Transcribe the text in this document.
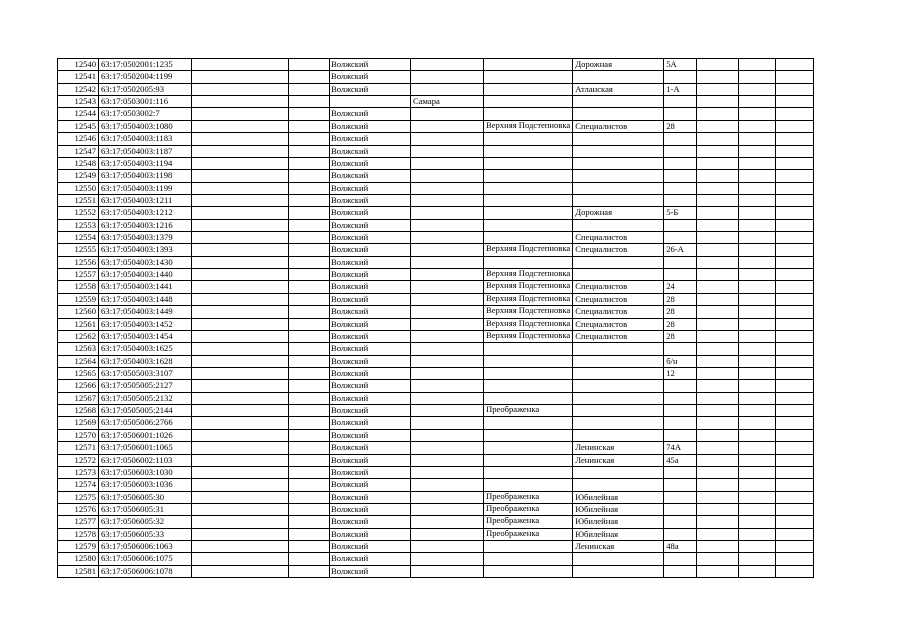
12540	63:17:0502001:1235			Волжский			Дорожная	5А			
12541	63:17:0502004:1199			Волжский							
12542	63:17:0502005:93			Волжский			Атланская	1-А			
12543	63:17:0503001:116				Самара						
12544	63:17:0503002:7			Волжский							
12545	63:17:0504003:1080			Волжский		Верхняя Подстепновка	Специалистов	28			
12546	63:17:0504003:1183			Волжский							
12547	63:17:0504003:1187			Волжский							
12548	63:17:0504003:1194			Волжский							
12549	63:17:0504003:1198			Волжский							
12550	63:17:0504003:1199			Волжский							
12551	63:17:0504003:1211			Волжский							
12552	63:17:0504003:1212			Волжский			Дорожная	5-Б			
12553	63:17:0504003:1216			Волжский							
12554	63:17:0504003:1379			Волжский			Специалистов				
12555	63:17:0504003:1393			Волжский		Верхняя Подстепновка	Специалистов	26-А			
12556	63:17:0504003:1430			Волжский							
12557	63:17:0504003:1440			Волжский		Верхняя Подстепновка					
12558	63:17:0504003:1441			Волжский		Верхняя Подстепновка	Специалистов	24			
12559	63:17:0504003:1448			Волжский		Верхняя Подстепновка	Специалистов	28			
12560	63:17:0504003:1449			Волжский		Верхняя Подстепновка	Специалистов	28			
12561	63:17:0504003:1452			Волжский		Верхняя Подстепновка	Специалистов	28			
12562	63:17:0504003:1454			Волжский		Верхняя Подстепновка	Специалистов	28			
12563	63:17:0504003:1625			Волжский							
12564	63:17:0504003:1628			Волжский				б/н			
12565	63:17:0505003:3107			Волжский				12			
12566	63:17:0505005:2127			Волжский							
12567	63:17:0505005:2132			Волжский							
12568	63:17:0505005:2144			Волжский		Преображенка					
12569	63:17:0505006:2766			Волжский							
12570	63:17:0506001:1026			Волжский							
12571	63:17:0506001:1065			Волжский			Ленинская	74А			
12572	63:17:0506002:1103			Волжский			Ленинская	45а			
12573	63:17:0506003:1030			Волжский							
12574	63:17:0506003:1036			Волжский							
12575	63:17:0506005:30			Волжский		Преображенка	Юбилейная				
12576	63:17:0506005:31			Волжский		Преображенка	Юбилейная				
12577	63:17:0506005:32			Волжский		Преображенка	Юбилейная				
12578	63:17:0506005:33			Волжский		Преображенка	Юбилейная				
12579	63:17:0506006:1063			Волжский			Ленинская	48а			
12580	63:17:0506006:1075			Волжский							
12581	63:17:0506006:1078			Волжский							
